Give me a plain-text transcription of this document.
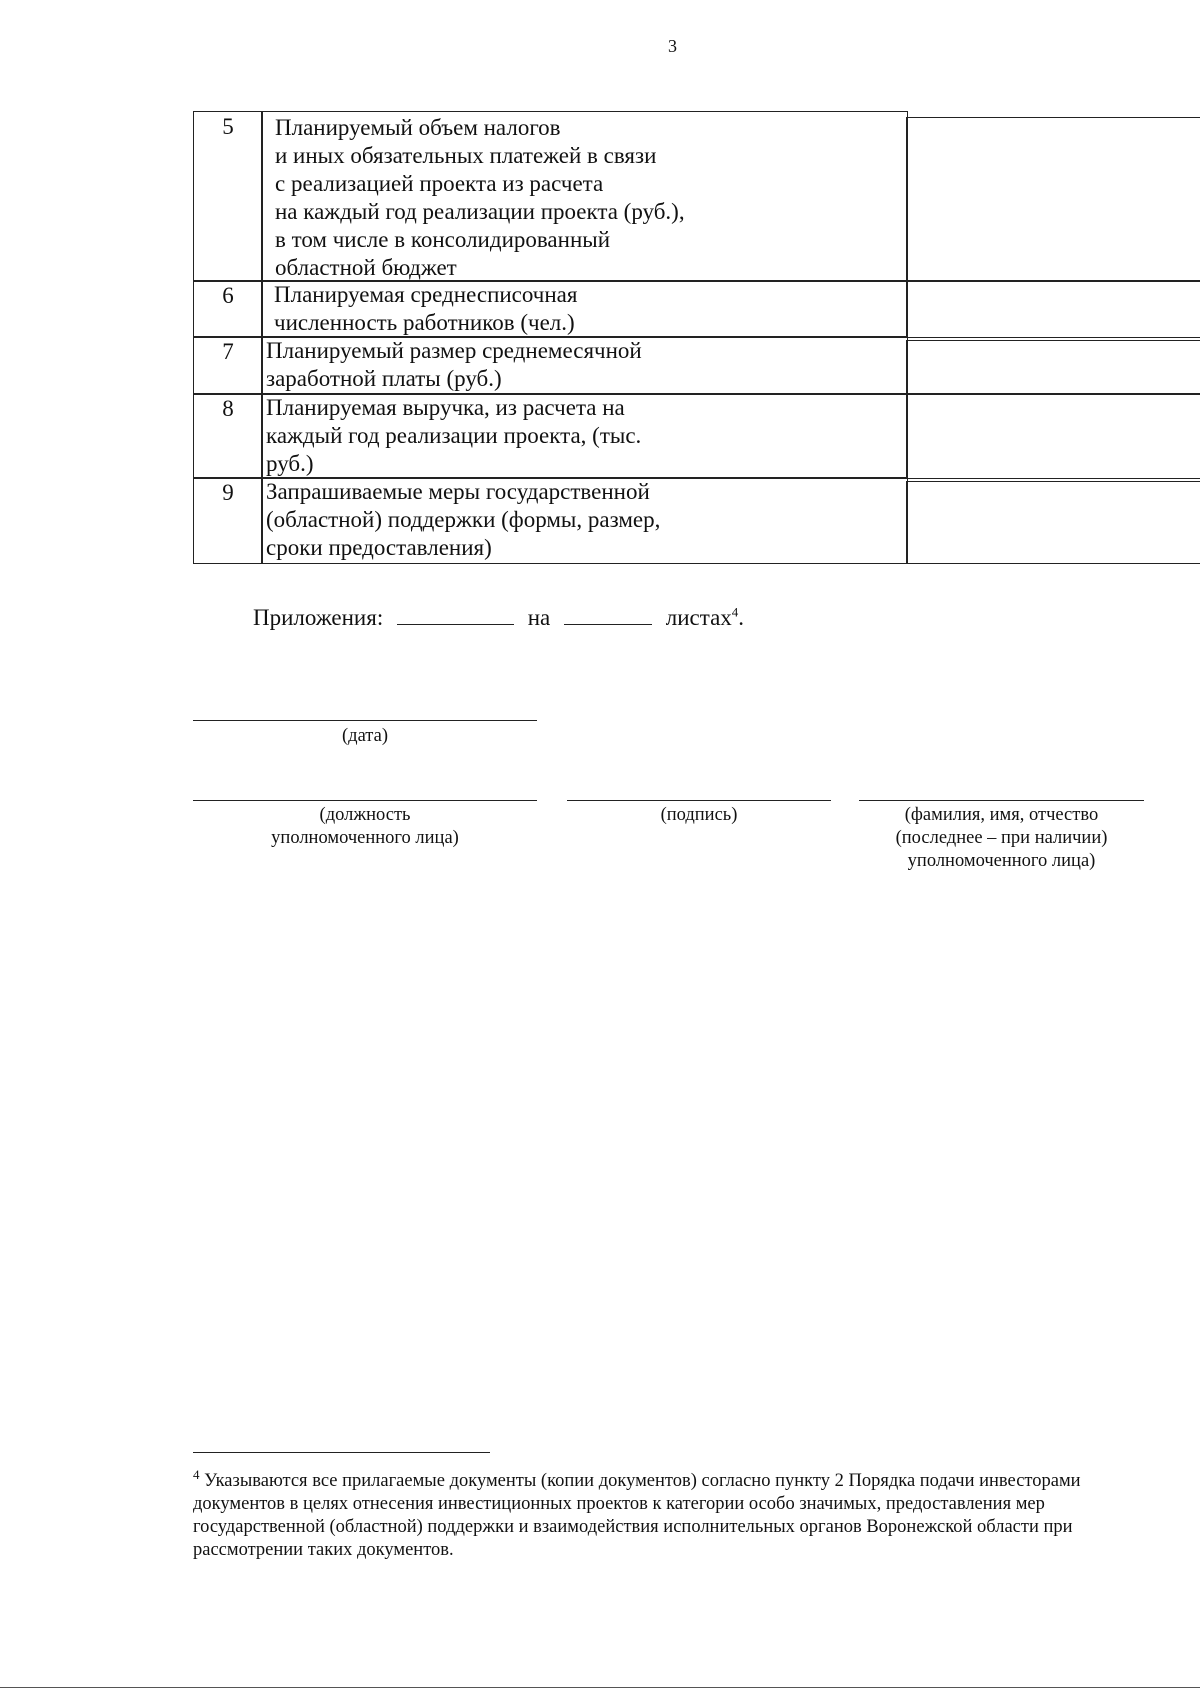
3
5	Планируемый объем налогов
и иных обязательных платежей в связи
с реализацией проекта из расчета
на каждый год реализации проекта (руб.),
в том числе в консолидированный
областной бюджет
6	Планируемая среднесписочная
численность работников (чел.)
7	Планируемый размер среднемесячной
заработной платы (руб.)
8	Планируемая выручка, из расчета на
каждый год реализации проекта, (тыс.
руб.)
9	Запрашиваемые меры государственной
(областной) поддержки (формы, размер,
сроки предоставления)
Приложения:	на	листах$^4$.
(дата)
(должность
уполномоченного лица)
(подпись)	(фамилия, имя, отчество
(последнее – при наличии)
уполномоченного лица)
$^4$ Указываются все прилагаемые документы (копии документов) согласно пункту 2 Порядка подачи инвесторами документов в целях отнесения инвестиционных проектов к категории особо значимых, предоставления мер государственной (областной) поддержки и взаимодействия исполнительных органов Воронежской области при рассмотрении таких документов.
